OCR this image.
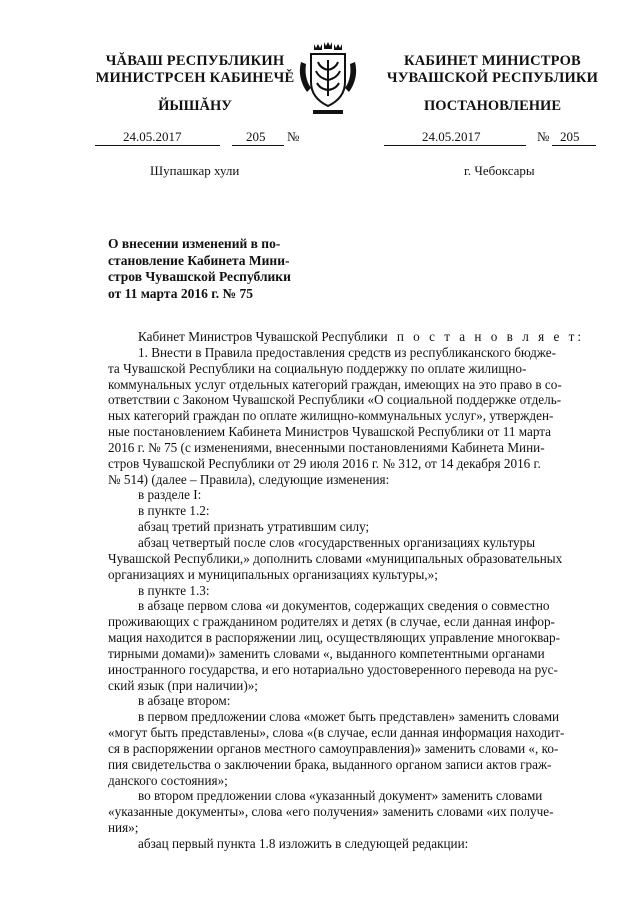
ЧĂВАШ РЕСПУБЛИКИН
МИНИСТРСЕН КАБИНЕЧĚ
ЙЫШĂНУ
КАБИНЕТ МИНИСТРОВ
ЧУВАШСКОЙ РЕСПУБЛИКИ
ПОСТАНОВЛЕНИЕ
24.05.2017	205 №
Шупашкар хули
24.05.2017	№ 205
г. Чебоксары
О внесении изменений в по-
становление Кабинета Мини-
стров Чувашской Республики
от 11 марта 2016 г. № 75
Кабинет Министров Чувашской Республики п о с т а н о в л я е т:
1. Внести в Правила предоставления средств из республиканского бюдже-
та Чувашской Республики на социальную поддержку по оплате жилищно-
коммунальных услуг отдельных категорий граждан, имеющих на это право в со-
ответствии с Законом Чувашской Республики «О социальной поддержке отдель-
ных категорий граждан по оплате жилищно-коммунальных услуг», утвержден-
ные постановлением Кабинета Министров Чувашской Республики от 11 марта
2016 г. № 75 (с изменениями, внесенными постановлениями Кабинета Мини-
стров Чувашской Республики от 29 июля 2016 г. № 312, от 14 декабря 2016 г.
№ 514) (далее – Правила), следующие изменения:
в разделе I:
в пункте 1.2:
абзац третий признать утратившим силу;
абзац четвертый после слов «государственных организациях культуры
Чувашской Республики,» дополнить словами «муниципальных образовательных
организациях и муниципальных организациях культуры,»;
в пункте 1.3:
в абзаце первом слова «и документов, содержащих сведения о совместно
проживающих с гражданином родителях и детях (в случае, если данная инфор-
мация находится в распоряжении лиц, осуществляющих управление многоквар-
тирными домами)» заменить словами «, выданного компетентными органами
иностранного государства, и его нотариально удостоверенного перевода на рус-
ский язык (при наличии)»;
в абзаце втором:
в первом предложении слова «может быть представлен» заменить словами
«могут быть представлены», слова «(в случае, если данная информация находит-
ся в распоряжении органов местного самоуправления)» заменить словами «, ко-
пия свидетельства о заключении брака, выданного органом записи актов граж-
данского состояния»;
во втором предложении слова «указанный документ» заменить словами
«указанные документы», слова «его получения» заменить словами «их получе-
ния»;
абзац первый пункта 1.8 изложить в следующей редакции:
